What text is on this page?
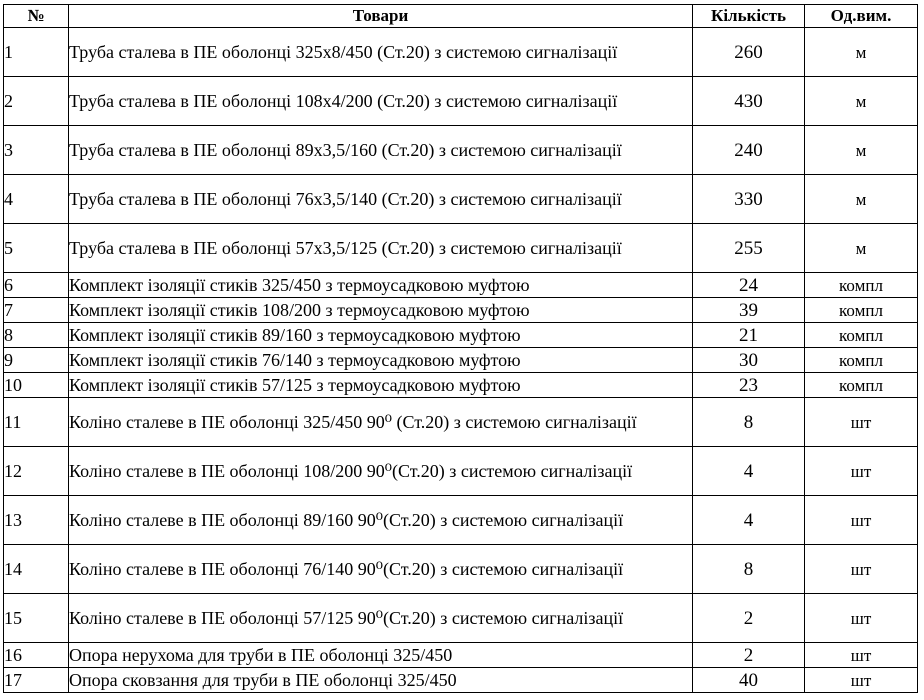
№	Товари	Кількість	Од.вим.
1	Труба сталева в ПЕ оболонці 325х8/450 (Ст.20) з системою сигналізації	260	м
2	Труба сталева в ПЕ оболонці 108х4/200 (Ст.20) з системою сигналізації	430	м
3	Труба сталева в ПЕ оболонці 89х3,5/160 (Ст.20) з системою сигналізації	240	м
4	Труба сталева в ПЕ оболонці 76х3,5/140 (Ст.20) з системою сигналізації	330	м
5	Труба сталева в ПЕ оболонці 57х3,5/125 (Ст.20) з системою сигналізації	255	м
6	Комплект ізоляції стиків 325/450 з термоусадковою муфтою	24	компл
7	Комплект ізоляції стиків 108/200 з термоусадковою муфтою	39	компл
8	Комплект ізоляції стиків 89/160 з термоусадковою муфтою	21	компл
9	Комплект ізоляції стиків 76/140 з термоусадковою муфтою	30	компл
10	Комплект ізоляції стиків 57/125 з термоусадковою муфтою	23	компл
11	Коліно сталеве в ПЕ оболонці 325/450 90⁰ (Ст.20) з системою сигналізації	8	шт
12	Коліно сталеве в ПЕ оболонці 108/200 90⁰(Ст.20) з системою сигналізації	4	шт
13	Коліно сталеве в ПЕ оболонці 89/160 90⁰(Ст.20) з системою сигналізації	4	шт
14	Коліно сталеве в ПЕ оболонці 76/140 90⁰(Ст.20) з системою сигналізації	8	шт
15	Коліно сталеве в ПЕ оболонці 57/125 90⁰(Ст.20) з системою сигналізації	2	шт
16	Опора нерухома для труби в ПЕ оболонці 325/450	2	шт
17	Опора сковзання для труби в ПЕ оболонці 325/450	40	шт
